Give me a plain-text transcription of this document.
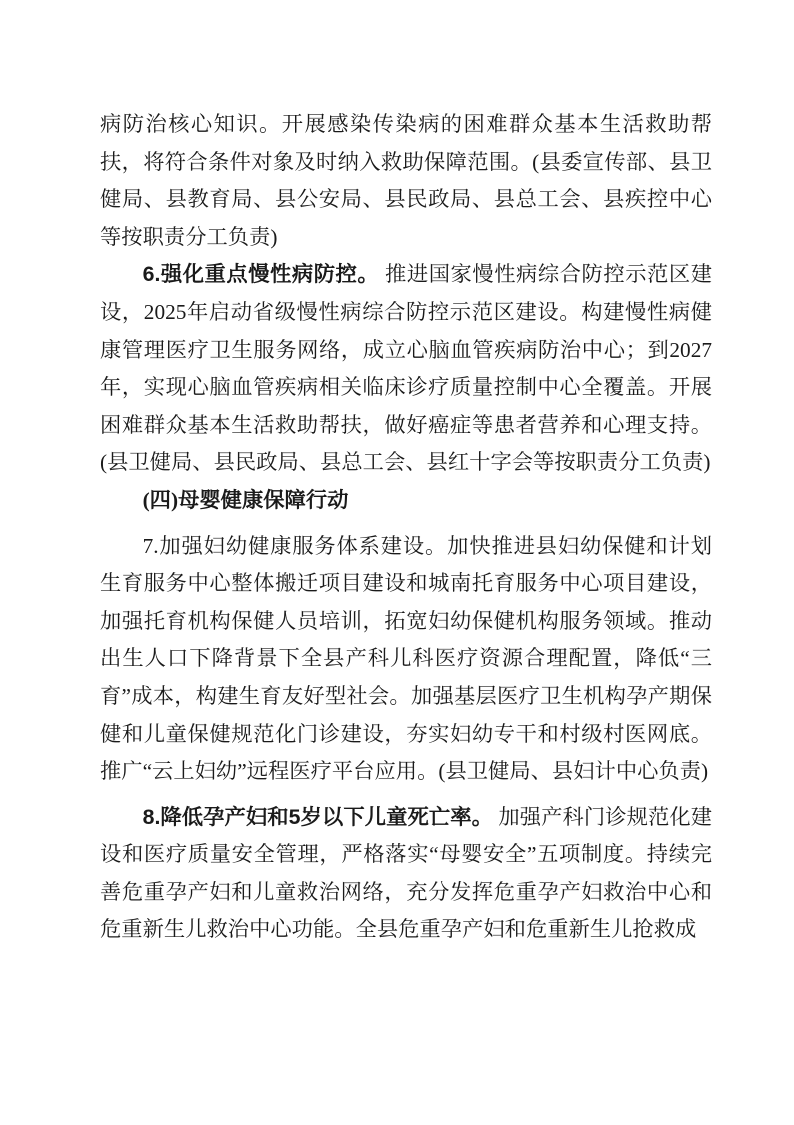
病防治核心知识。开展感染传染病的困难群众基本生活救助帮扶，将符合条件对象及时纳入救助保障范围。(县委宣传部、县卫健局、县教育局、县公安局、县民政局、县总工会、县疾控中心等按职责分工负责)

6.强化重点慢性病防控。 推进国家慢性病综合防控示范区建设，2025年启动省级慢性病综合防控示范区建设。构建慢性病健康管理医疗卫生服务网络，成立心脑血管疾病防治中心；到2027年，实现心脑血管疾病相关临床诊疗质量控制中心全覆盖。开展困难群众基本生活救助帮扶，做好癌症等患者营养和心理支持。(县卫健局、县民政局、县总工会、县红十字会等按职责分工负责)

(四)母婴健康保障行动

7.加强妇幼健康服务体系建设。加快推进县妇幼保健和计划生育服务中心整体搬迁项目建设和城南托育服务中心项目建设，加强托育机构保健人员培训，拓宽妇幼保健机构服务领域。推动出生人口下降背景下全县产科儿科医疗资源合理配置，降低“三育”成本，构建生育友好型社会。加强基层医疗卫生机构孕产期保健和儿童保健规范化门诊建设，夯实妇幼专干和村级村医网底。推广“云上妇幼”远程医疗平台应用。(县卫健局、县妇计中心负责)

8.降低孕产妇和5岁以下儿童死亡率。 加强产科门诊规范化建设和医疗质量安全管理，严格落实“母婴安全”五项制度。持续完善危重孕产妇和儿童救治网络，充分发挥危重孕产妇救治中心和危重新生儿救治中心功能。全县危重孕产妇和危重新生儿抢救成
